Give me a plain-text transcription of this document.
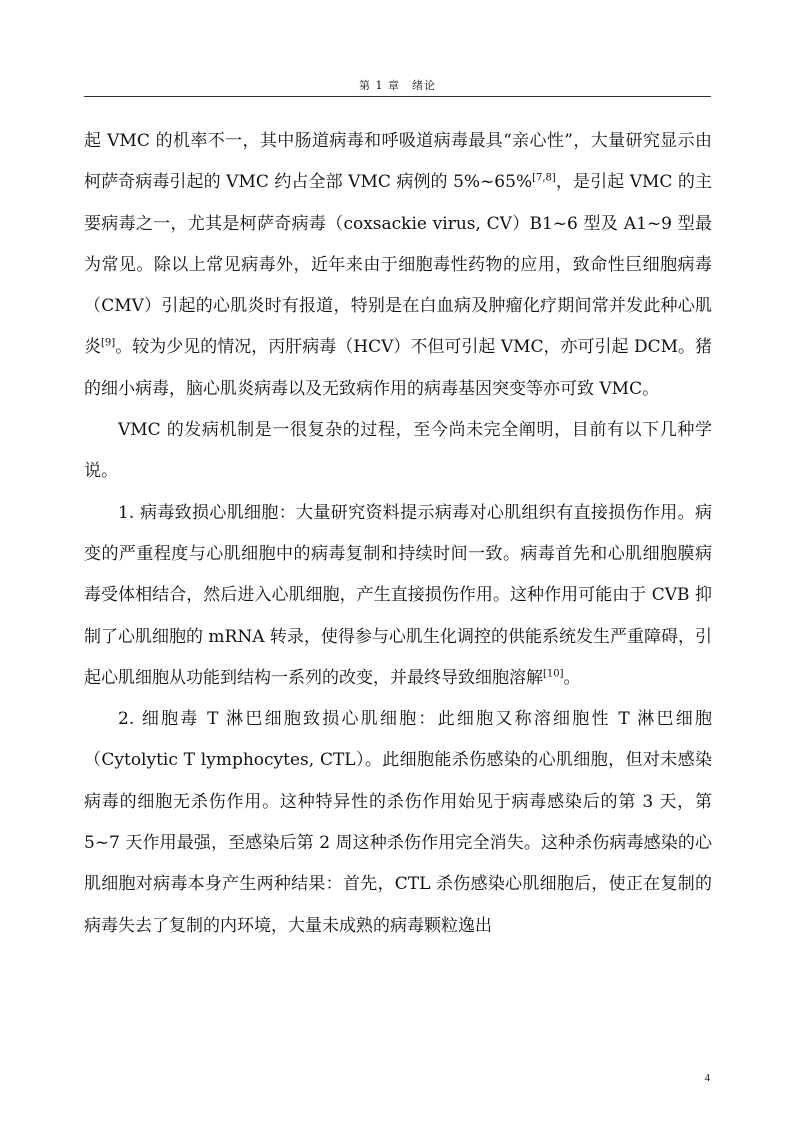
第 1 章　绪论

起 VMC 的机率不一，其中肠道病毒和呼吸道病毒最具“亲心性”，大量研究显示由柯萨奇病毒引起的 VMC 约占全部 VMC 病例的 5%~65%[7,8]，是引起 VMC 的主要病毒之一，尤其是柯萨奇病毒（coxsackie virus, CV）B1~6 型及 A1~9 型最为常见。除以上常见病毒外，近年来由于细胞毒性药物的应用，致命性巨细胞病毒（CMV）引起的心肌炎时有报道，特别是在白血病及肿瘤化疗期间常并发此种心肌炎[9]。较为少见的情况，丙肝病毒（HCV）不但可引起 VMC，亦可引起 DCM。猪的细小病毒，脑心肌炎病毒以及无致病作用的病毒基因突变等亦可致 VMC。

VMC 的发病机制是一很复杂的过程，至今尚未完全阐明，目前有以下几种学说。

1. 病毒致损心肌细胞：大量研究资料提示病毒对心肌组织有直接损伤作用。病变的严重程度与心肌细胞中的病毒复制和持续时间一致。病毒首先和心肌细胞膜病毒受体相结合，然后进入心肌细胞，产生直接损伤作用。这种作用可能由于 CVB 抑制了心肌细胞的 mRNA 转录，使得参与心肌生化调控的供能系统发生严重障碍，引起心肌细胞从功能到结构一系列的改变，并最终导致细胞溶解[10]。

2. 细胞毒 T 淋巴细胞致损心肌细胞：此细胞又称溶细胞性 T 淋巴细胞（Cytolytic T lymphocytes, CTL）。此细胞能杀伤感染的心肌细胞，但对未感染病毒的细胞无杀伤作用。这种特异性的杀伤作用始见于病毒感染后的第 3 天，第 5~7 天作用最强，至感染后第 2 周这种杀伤作用完全消失。这种杀伤病毒感染的心肌细胞对病毒本身产生两种结果：首先，CTL 杀伤感染心肌细胞后，使正在复制的病毒失去了复制的内环境，大量未成熟的病毒颗粒逸出

4
